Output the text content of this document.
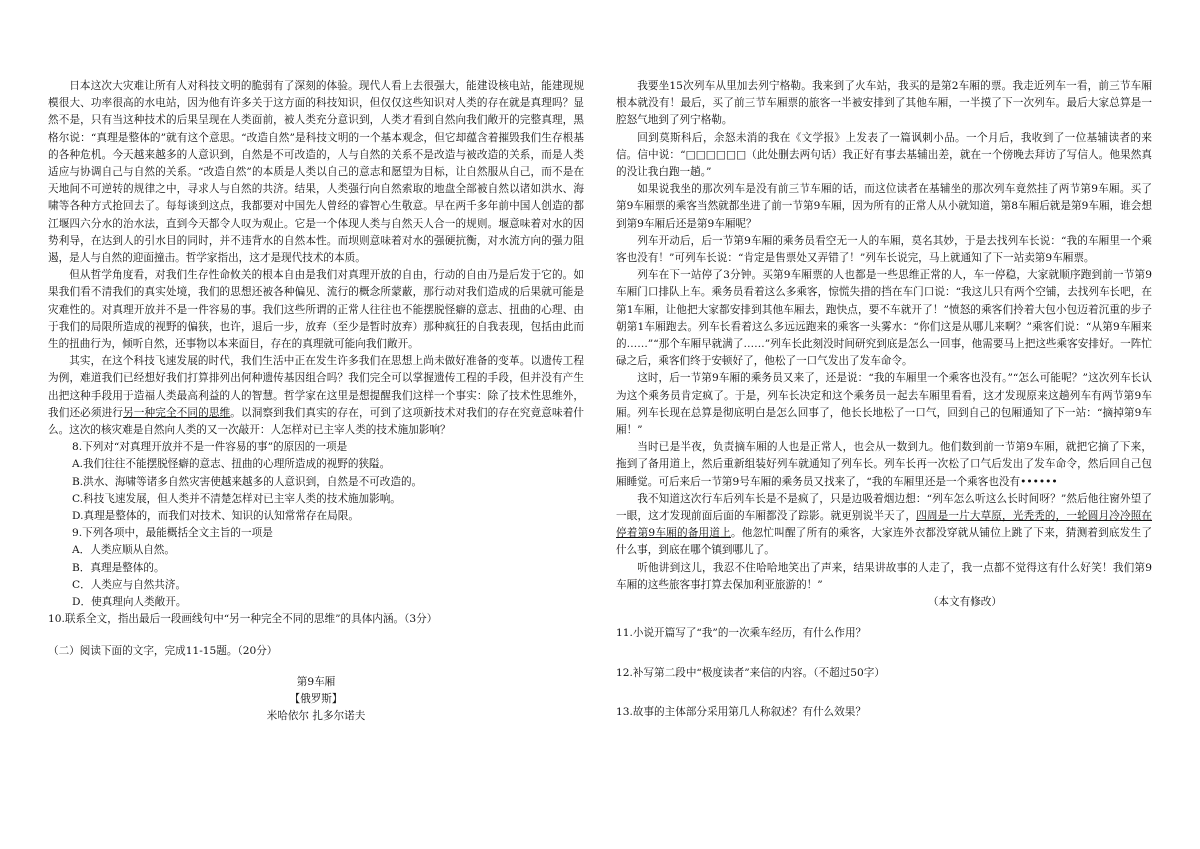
日本这次大灾难让所有人对科技文明的脆弱有了深刻的体验。现代人看上去很强大，能建设核电站，能建现规模很大、功率很高的水电站，因为他有许多关于这方面的科技知识，但仅仅这些知识对人类的存在就是真理吗？显然不是，只有当这种技术的后果呈现在人类面前，被人类充分意识到，人类才看到自然向我们敞开的完整真理，黑格尔说：“真理是整体的”就有这个意思。“改造自然”是科技文明的一个基本观念，但它却蕴含着摧毁我们生存根基的各种危机。今天越来越多的人意识到，自然是不可改造的，人与自然的关系不是改造与被改造的关系，而是人类适应与协调自己与自然的关系。“改造自然”的本质是人类以自己的意志和愿望为目标，让自然服从自己，而不是在天地间不可逆转的规律之中，寻求人与自然的共济。结果，人类强行向自然索取的地盘全部被自然以诸如洪水、海啸等各种方式抢回去了。每每谈到这点，我都要对中国先人曾经的睿智心生敬意。早在两千多年前中国人创造的都江堰四六分水的治水法，直到今天都令人叹为观止。它是一个体现人类与自然天人合一的规则。堰意味着对水的因势利导，在达到人的引水目的同时，并不违背水的自然本性。而坝则意味着对水的强硬抗衡，对水流方向的强力阻遏，是人与自然的迎面撞击。哲学家指出，这才是现代技术的本质。

但从哲学角度看，对我们生存性命攸关的根本自由是我们对真理开放的自由，行动的自由乃是后发于它的。如果我们看不清我们的真实处境，我们的思想还被各种偏见、流行的概念所蒙蔽，那行动对我们造成的后果就可能是灾难性的。对真理开放并不是一件容易的事。我们这些所谓的正常人往往也不能摆脱怪癖的意志、扭曲的心理、由于我们的局限所造成的视野的偏狭，也许，退后一步，放弃（至少是暂时放弃）那种疯狂的自我表现，包括由此而生的扭曲行为，倾听自然，还事物以本来面目，存在的真理就可能向我们敞开。

其实，在这个科技飞速发展的时代，我们生活中正在发生许多我们在思想上尚未做好准备的变革。以遗传工程为例，难道我们已经想好我们打算排列出何种遗传基因组合吗？我们完全可以掌握遗传工程的手段，但并没有产生出把这种手段用于造福人类最高利益的人的智慧。哲学家在这里是想提醒我们这样一个事实：除了技术性思维外，我们还必须进行另一种完全不同的思维。以洞察到我们真实的存在，可到了这项新技术对我们的存在究竟意味着什么。这次的核灾难是自然向人类的又一次敲开：人怎样对已主宰人类的技术施加影响？

8.下列对“对真理开放并不是一件容易的事”的原因的一项是

A.我们往往不能摆脱怪癖的意志、扭曲的心理所造成的视野的狭隘。

B.洪水、海啸等诸多自然灾害使越来越多的人意识到，自然是不可改造的。

C.科技飞速发展，但人类并不清楚怎样对已主宰人类的技术施加影响。

D.真理是整体的，而我们对技术、知识的认知常常存在局限。

9.下列各项中，最能概括全文主旨的一项是

A．人类应顺从自然。

B．真理是整体的。

C．人类应与自然共济。

D．使真理向人类敞开。

10.联系全文，指出最后一段画线句中“另一种完全不同的思维”的具体内涵。（3分）

（二）阅读下面的文字，完成11-15题。（20分）

第9车厢

【俄罗斯】

米哈依尔 扎多尔诺夫

我要坐15次列车从里加去列宁格勒。我来到了火车站，我买的是第2车厢的票。我走近列车一看，前三节车厢根本就没有！最后，买了前三节车厢票的旅客一半被安排到了其他车厢，一半摸了下一次列车。最后大家总算是一腔怒气地到了列宁格勒。

回到莫斯科后，余怒未消的我在《文学报》上发表了一篇讽刺小品。一个月后，我收到了一位基辅读者的来信。信中说：“□□□□□□（此处删去两句话）我正好有事去基辅出差，就在一个傍晚去拜访了写信人。他果然真的没让我白跑一趟。”

如果说我坐的那次列车是没有前三节车厢的话，而这位读者在基辅坐的那次列车竟然挂了两节第9车厢。买了第9车厢票的乘客当然就都坐进了前一节第9车厢，因为所有的正常人从小就知道，第8车厢后就是第9车厢，谁会想到第9车厢后还是第9车厢呢？

列车开动后，后一节第9车厢的乘务员看空无一人的车厢，莫名其妙，于是去找列车长说：“我的车厢里一个乘客也没有！”可列车长说：“肯定是售票处又弄错了！”列车长说完，马上就通知了下一站卖第9车厢票。

列车在下一站停了3分钟。买第9车厢票的人也都是一些思维正常的人，车一停稳，大家就顺序跑到前一节第9车厢门口排队上车。乘务员看着这么多乘客，惊慌失措的挡在车门口说：“我这儿只有两个空铺，去找列车长吧，在第1车厢，让他把大家都安排到其他车厢去，跑快点，要不车就开了！”愤怒的乘客们拎着大包小包迈着沉重的步子朝第1车厢跑去。列车长看着这么多远远跑来的乘客一头雾水：“你们这是从哪儿来啊？”乘客们说：“从第9车厢来的……”“那个车厢早就满了……”列车长此刻没时间研究到底是怎么一回事，他需要马上把这些乘客安排好。一阵忙碌之后，乘客们终于安顿好了，他松了一口气发出了发车命令。

这时，后一节第9车厢的乘务员又来了，还是说：“我的车厢里一个乘客也没有。”“怎么可能呢？”这次列车长认为这个乘务员肯定疯了。于是，列车长决定和这个乘务员一起去车厢里看看，这才发现原来这趟列车有两节第9车厢。列车长现在总算是彻底明白是怎么回事了，他长长地松了一口气，回到自己的包厢通知了下一站：“摘掉第9车厢！”

当时已是半夜，负责摘车厢的人也是正常人，也会从一数到九。他们数到前一节第9车厢，就把它摘了下来，拖到了备用道上，然后重新组装好列车就通知了列车长。列车长再一次松了口气后发出了发车命令，然后回自己包厢睡觉。可后来后一节第9号车厢的乘务员又找来了，“我的车厢里还是一个乘客也没有••••••

我不知道这次行车后列车长是不是疯了，只是边吸着烟边想：“列车怎么听这么长时间呀？”然后他往窗外望了一眼，这才发现前面后面的车厢都没了踪影。就更别说半天了，四周是一片大草原，光秃秃的，一轮圆月冷冷照在停着第9车厢的备用道上。他忽忙叫醒了所有的乘客，大家连外衣都没穿就从铺位上跳了下来，猜测着到底发生了什么事，到底在哪个镇到哪儿了。

听他讲到这儿，我忍不住哈哈地笑出了声来，结果讲故事的人走了，我一点都不觉得这有什么好笑！我们第9车厢的这些旅客事打算去保加利亚旅游的！”

（本文有修改）

11.小说开篇写了“我”的一次乘车经历，有什么作用？

12.补写第二段中“极度读者”来信的内容。（不超过50字）

13.故事的主体部分采用第几人称叙述？有什么效果？
